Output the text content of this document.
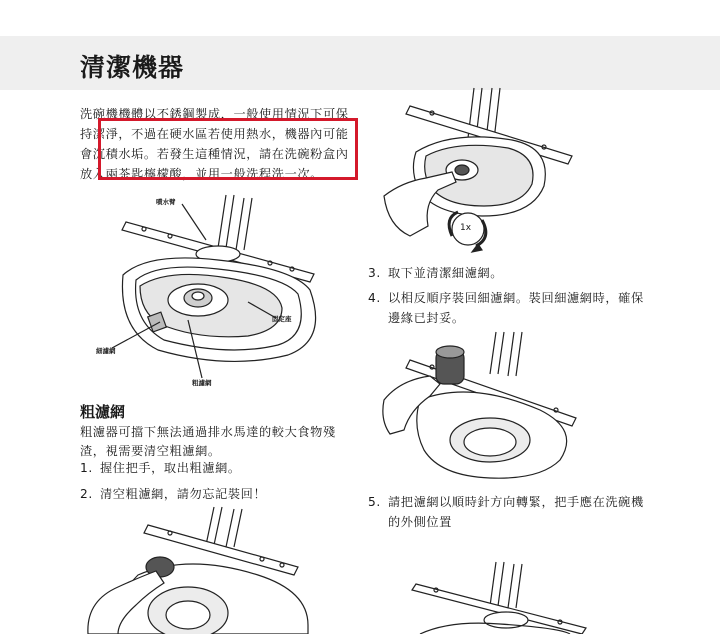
清潔機器
洗碗機機體以不銹鋼製成，一般使用情況下可保
持潔淨，不過在硬水區若使用熱水，機器內可能
會沉積水垢。若發生這種情況，請在洗碗粉盒內
放入兩茶匙檸檬酸，並用一般洗程洗一次。
噴水臂
固定座
細濾網
粗濾網
粗濾網
粗濾器可擋下無法通過排水馬達的較大食物殘
渣，視需要清空粗濾網。
1. 握住把手，取出粗濾網。
2. 清空粗濾網，請勿忘記裝回！
1x
3. 取下並清潔細濾網。
4. 以相反順序裝回細濾網。裝回細濾網時，確保
邊緣已封妥。
5. 請把濾網以順時針方向轉緊，把手應在洗碗機
的外側位置
